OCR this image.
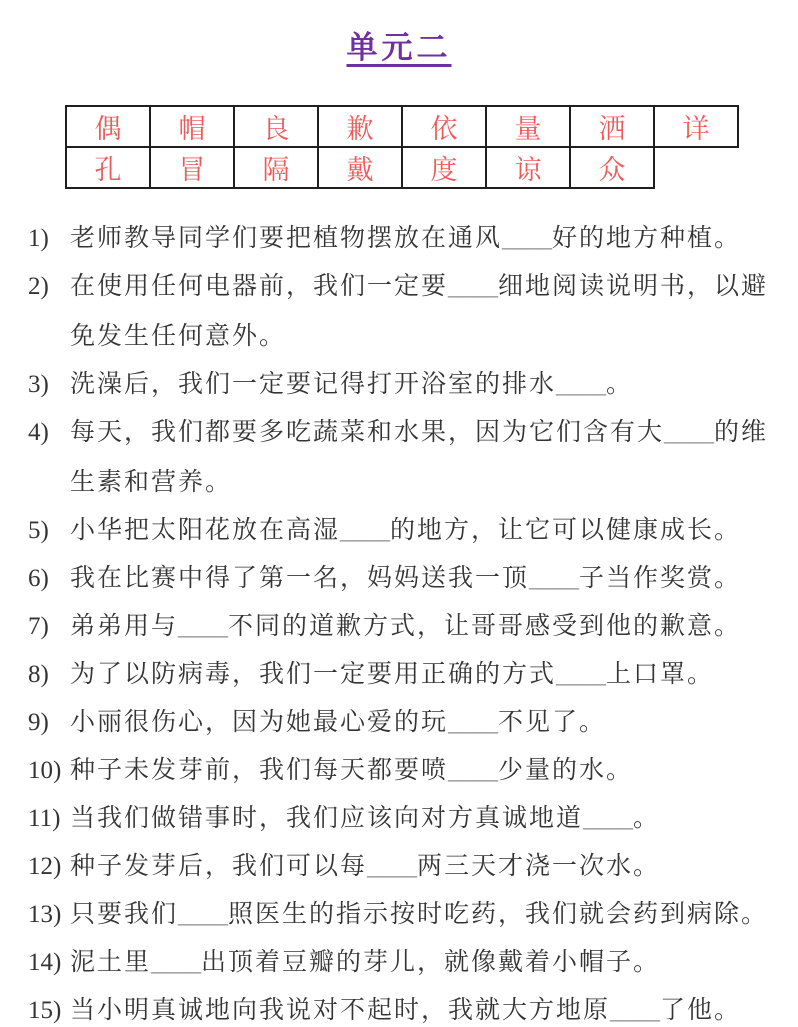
单元二
偶	帽	良	歉	依	量	洒	详
孔	冒	隔	戴	度	谅	众	
1) 老师教导同学们要把植物摆放在通风____好的地方种植。
2) 在使用任何电器前，我们一定要____细地阅读说明书，以避
免发生任何意外。
3) 洗澡后，我们一定要记得打开浴室的排水____。
4) 每天，我们都要多吃蔬菜和水果，因为它们含有大____的维
生素和营养。
5) 小华把太阳花放在高湿____的地方，让它可以健康成长。
6) 我在比赛中得了第一名，妈妈送我一顶____子当作奖赏。
7) 弟弟用与____不同的道歉方式，让哥哥感受到他的歉意。
8) 为了以防病毒，我们一定要用正确的方式____上口罩。
9) 小丽很伤心，因为她最心爱的玩____不见了。
10) 种子未发芽前，我们每天都要喷____少量的水。
11) 当我们做错事时，我们应该向对方真诚地道____。
12) 种子发芽后，我们可以每____两三天才浇一次水。
13) 只要我们____照医生的指示按时吃药，我们就会药到病除。
14) 泥土里____出顶着豆瓣的芽儿，就像戴着小帽子。
15) 当小明真诚地向我说对不起时，我就大方地原____了他。
